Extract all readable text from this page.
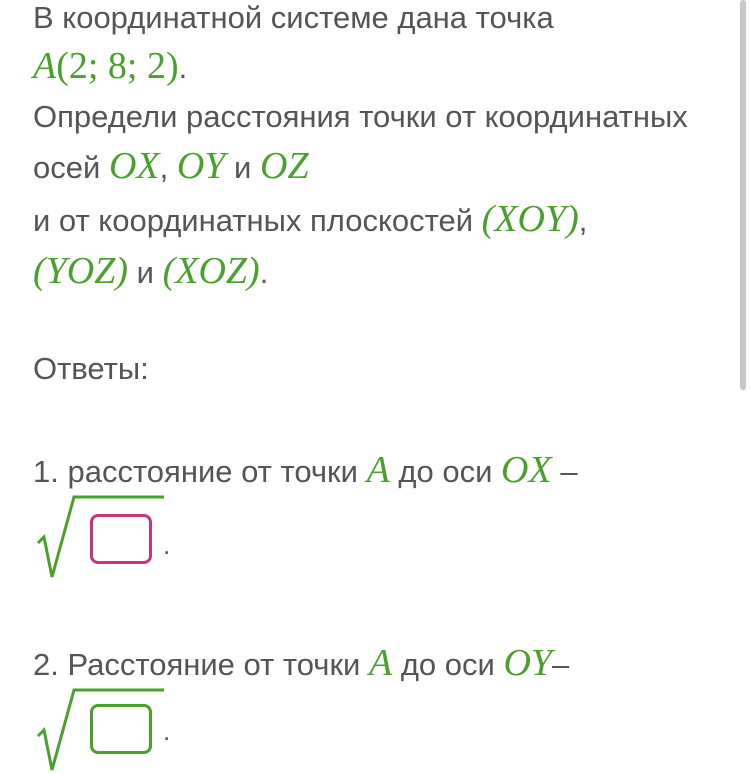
В координатной системе дана точка
A(2; 8; 2).
Определи расстояния точки от координатных
осей OX, OY и OZ
и от координатных плоскостей (XOY),
(YOZ) и (XOZ).
Ответы:
1. расстояние от точки A до оси OX –
.
2. Расстояние от точки A до оси OY–
.
